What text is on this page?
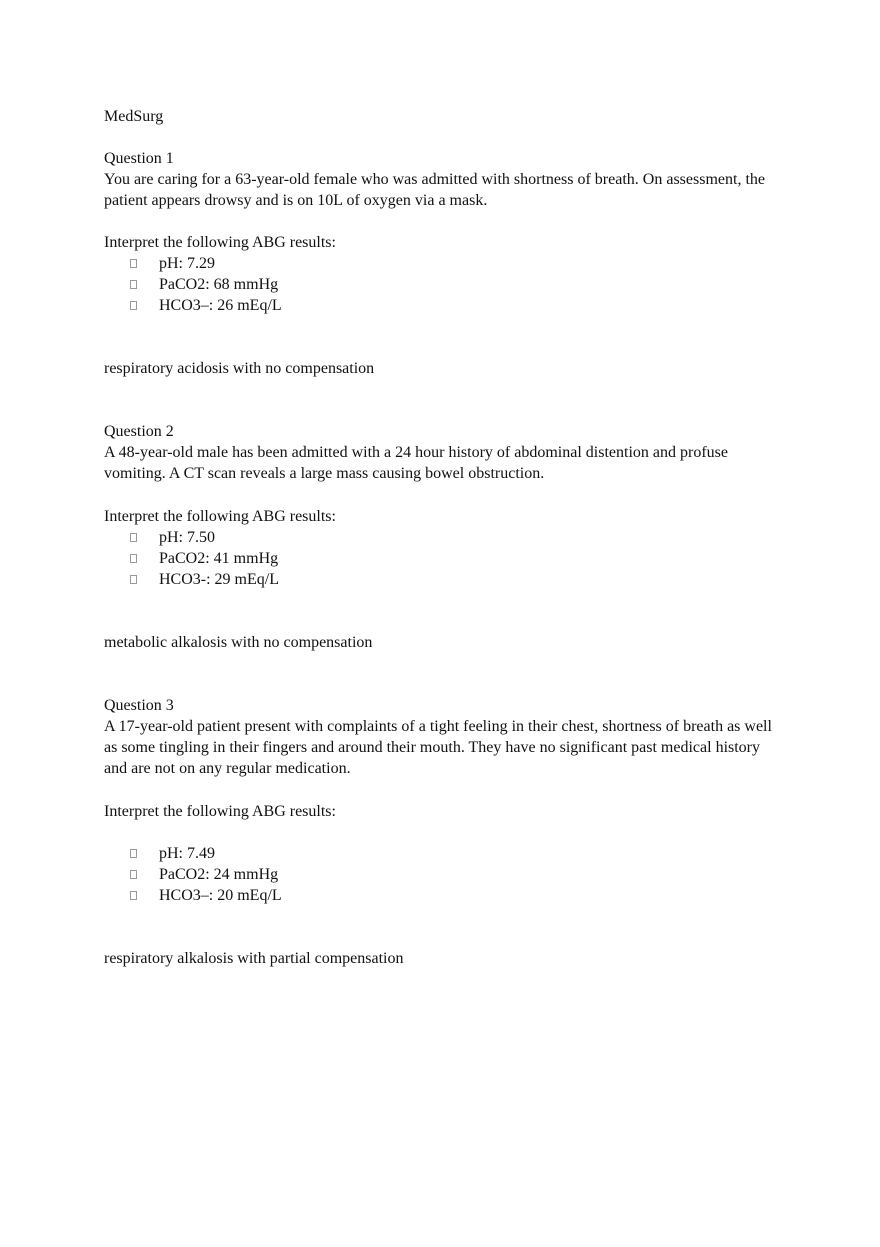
MedSurg
Question 1
You are caring for a 63-year-old female who was admitted with shortness of breath. On assessment, the patient appears drowsy and is on 10L of oxygen via a mask.
Interpret the following ABG results:
pH: 7.29
PaCO2: 68 mmHg
HCO3–: 26 mEq/L
respiratory acidosis with no compensation
Question 2
A 48-year-old male has been admitted with a 24 hour history of abdominal distention and profuse vomiting. A CT scan reveals a large mass causing bowel obstruction.
Interpret the following ABG results:
pH: 7.50
PaCO2: 41 mmHg
HCO3-: 29 mEq/L
metabolic alkalosis with no compensation
Question 3
A 17-year-old patient present with complaints of a tight feeling in their chest, shortness of breath as well as some tingling in their fingers and around their mouth. They have no significant past medical history and are not on any regular medication.
Interpret the following ABG results:
pH: 7.49
PaCO2: 24 mmHg
HCO3–: 20 mEq/L
respiratory alkalosis with partial compensation
